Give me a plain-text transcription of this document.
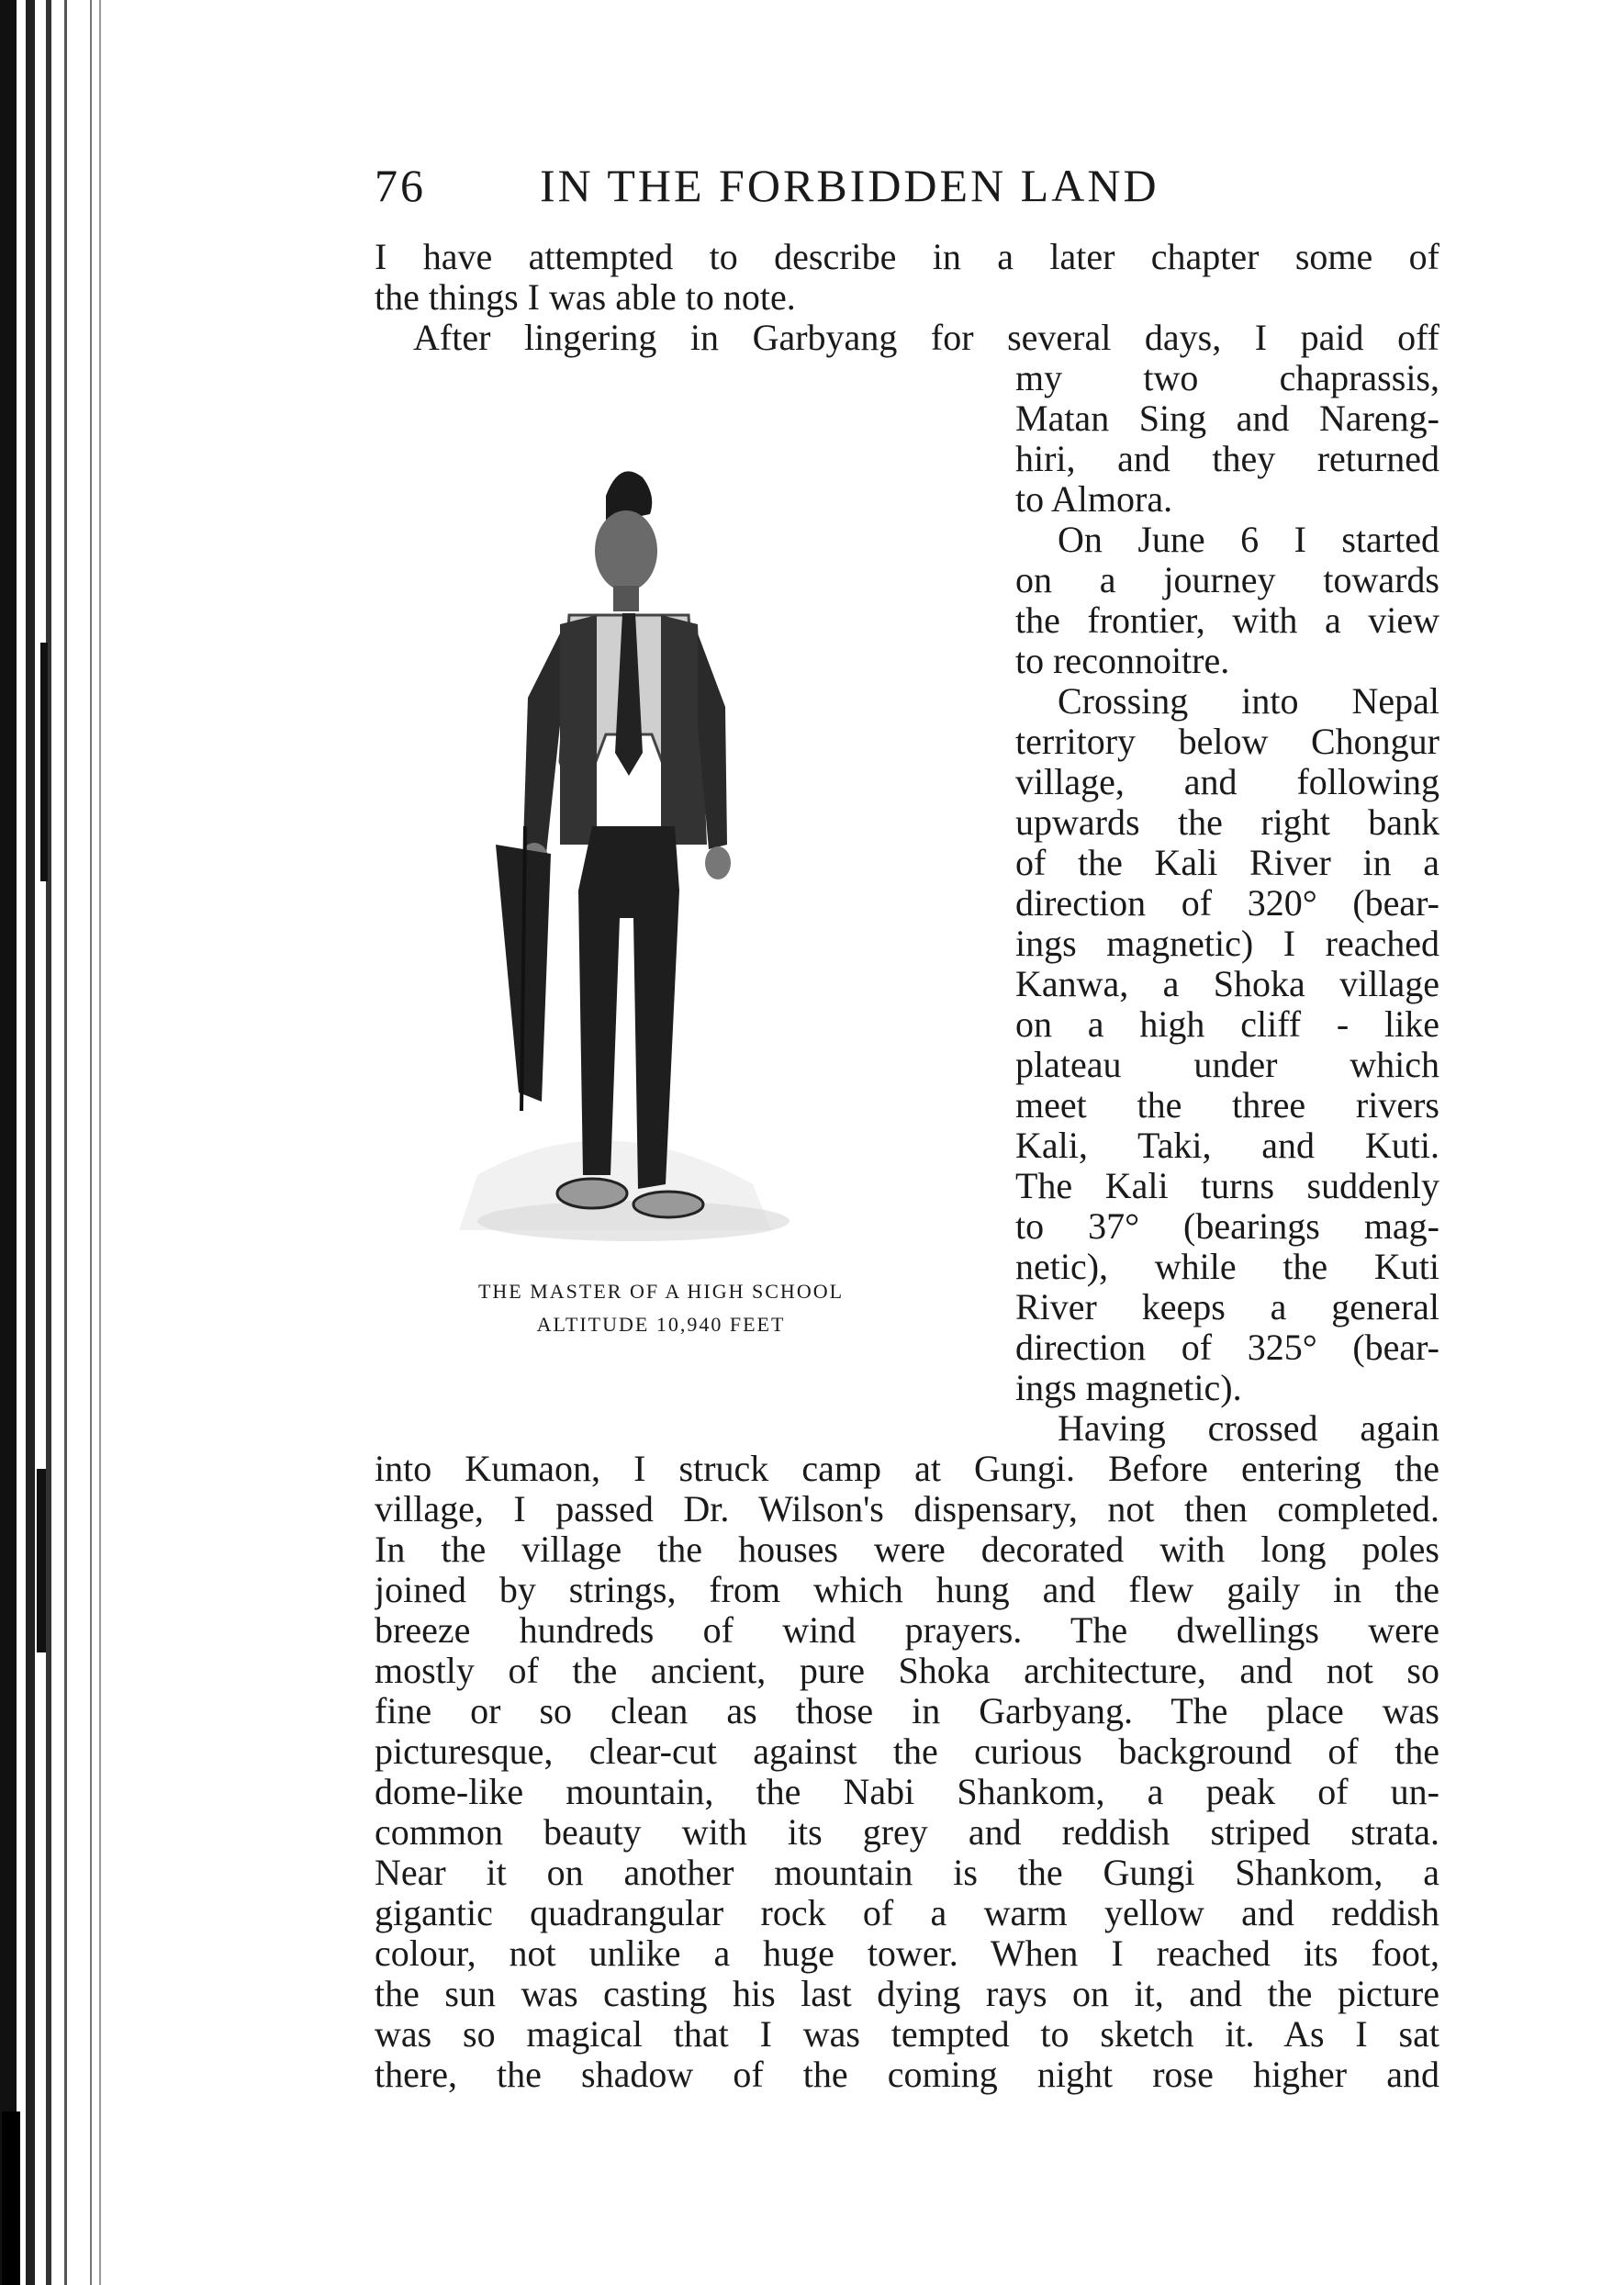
76 IN THE FORBIDDEN LAND
I have attempted to describe in a later chapter some of
the things I was able to note.
After lingering in Garbyang for several days, I paid off
my two chaprassis,
Matan Sing and Nareng-
hiri, and they returned
to Almora.
On June 6 I started
on a journey towards
the frontier, with a view
to reconnoitre.
Crossing into Nepal
territory below Chongur
village, and following
upwards the right bank
of the Kali River in a
direction of 320° (bear-
ings magnetic) I reached
Kanwa, a Shoka village
on a high cliff - like
plateau under which
meet the three rivers
Kali, Taki, and Kuti.
The Kali turns suddenly
to 37° (bearings mag-
netic), while the Kuti
River keeps a general
direction of 325° (bear-
ings magnetic).
Having crossed again
THE MASTER OF A HIGH SCHOOL
ALTITUDE 10,940 FEET
into Kumaon, I struck camp at Gungi. Before entering the
village, I passed Dr. Wilson's dispensary, not then completed.
In the village the houses were decorated with long poles
joined by strings, from which hung and flew gaily in the
breeze hundreds of wind prayers. The dwellings were
mostly of the ancient, pure Shoka architecture, and not so
fine or so clean as those in Garbyang. The place was
picturesque, clear-cut against the curious background of the
dome-like mountain, the Nabi Shankom, a peak of un-
common beauty with its grey and reddish striped strata.
Near it on another mountain is the Gungi Shankom, a
gigantic quadrangular rock of a warm yellow and reddish
colour, not unlike a huge tower. When I reached its foot,
the sun was casting his last dying rays on it, and the picture
was so magical that I was tempted to sketch it. As I sat
there, the shadow of the coming night rose higher and
